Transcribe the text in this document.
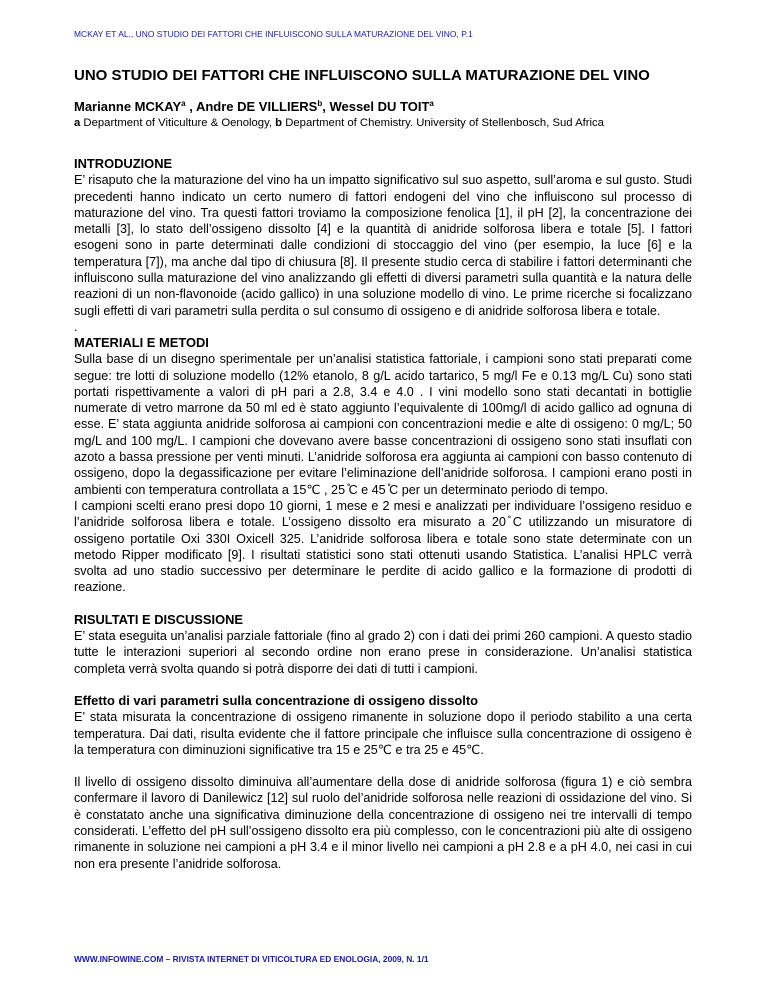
MCKAY ET AL., UNO STUDIO DEI FATTORI CHE INFLUISCONO SULLA MATURAZIONE DEL VINO, P.1
UNO STUDIO DEI FATTORI CHE INFLUISCONO SULLA MATURAZIONE DEL VINO
Marianne MCKAY$^a$ , Andre DE VILLIERS$^b$, Wessel DU TOIT$^a$
a Department of Viticulture & Oenology, b Department of Chemistry. University of Stellenbosch, Sud Africa
INTRODUZIONE

E’ risaputo che la maturazione del vino ha un impatto significativo sul suo aspetto, sull’aroma e sul gusto. Studi precedenti hanno indicato un certo numero di fattori endogeni del vino che influiscono sul processo di maturazione del vino. Tra questi fattori troviamo la composizione fenolica [1], il pH [2], la concentrazione dei metalli [3], lo stato dell’ossigeno dissolto [4] e la quantità di anidride solforosa libera e totale [5]. I fattori esogeni sono in parte determinati dalle condizioni di stoccaggio del vino (per esempio, la luce [6] e la temperatura [7]), ma anche dal tipo di chiusura [8]. Il presente studio cerca di stabilire i fattori determinanti che influiscono sulla maturazione del vino analizzando gli effetti di diversi parametri sulla quantità e la natura delle reazioni di un non-flavonoide (acido gallico) in una soluzione modello di vino. Le prime ricerche si focalizzano sugli effetti di vari parametri sulla perdita o sul consumo di ossigeno e di anidride solforosa libera e totale.

.

MATERIALI E METODI

Sulla base di un disegno sperimentale per un’analisi statistica fattoriale, i campioni sono stati preparati come segue: tre lotti di soluzione modello (12% etanolo, 8 g/L acido tartarico, 5 mg/l Fe e 0.13 mg/L Cu) sono stati portati rispettivamente a valori di pH pari a 2.8, 3.4 e 4.0 . I vini modello sono stati decantati in bottiglie numerate di vetro marrone da 50 ml ed è stato aggiunto l’equivalente di 100mg/l di acido gallico ad ognuna di esse. E’ stata aggiunta anidride solforosa ai campioni con concentrazioni medie e alte di ossigeno: 0 mg/L; 50 mg/L and 100 mg/L. I campioni che dovevano avere basse concentrazioni di ossigeno sono stati insuflati con azoto a bassa pressione per venti minuti. L’anidride solforosa era aggiunta ai campioni con basso contenuto di ossigeno, dopo la degassificazione per evitare l’eliminazione dell’anidride solforosa. I campioni erano posti in ambienti con temperatura controllata a 15℃ , 25 ̊C e 45 ̊C per un determinato periodo di tempo.

I campioni scelti erano presi dopo 10 giorni, 1 mese e 2 mesi e analizzati per individuare l’ossigeno residuo e l’anidride solforosa libera e totale. L’ossigeno dissolto era misurato a 20 ̊C utilizzando un misuratore di ossigeno portatile Oxi 330I Oxicell 325. L’anidride solforosa libera e totale sono state determinate con un metodo Ripper modificato [9]. I risultati statistici sono stati ottenuti usando Statistica. L’analisi HPLC verrà svolta ad uno stadio successivo per determinare le perdite di acido gallico e la formazione di prodotti di reazione.

RISULTATI E DISCUSSIONE

E’ stata eseguita un’analisi parziale fattoriale (fino al grado 2) con i dati dei primi 260 campioni. A questo stadio tutte le interazioni superiori al secondo ordine non erano prese in considerazione. Un’analisi statistica completa verrà svolta quando si potrà disporre dei dati di tutti i campioni.

Effetto di vari parametri sulla concentrazione di ossigeno dissolto

E’ stata misurata la concentrazione di ossigeno rimanente in soluzione dopo il periodo stabilito a una certa temperatura. Dai dati, risulta evidente che il fattore principale che influisce sulla concentrazione di ossigeno è la temperatura con diminuzioni significative tra 15 e 25℃ e tra 25 e 45℃.

Il livello di ossigeno dissolto diminuiva all’aumentare della dose di anidride solforosa (figura 1) e ciò sembra confermare il lavoro di Danilewicz [12] sul ruolo del’anidride solforosa nelle reazioni di ossidazione del vino. Si è constatato anche una significativa diminuzione della concentrazione di ossigeno nei tre intervalli di tempo considerati. L’effetto del pH sull’ossigeno dissolto era più complesso, con le concentrazioni più alte di ossigeno rimanente in soluzione nei campioni a pH 3.4 e il minor livello nei campioni a pH 2.8 e a pH 4.0, nei casi in cui non era presente l’anidride solforosa.

WWW.INFOWINE.COM – RIVISTA INTERNET DI VITICOLTURA ED ENOLOGIA, 2009, N. 1/1
